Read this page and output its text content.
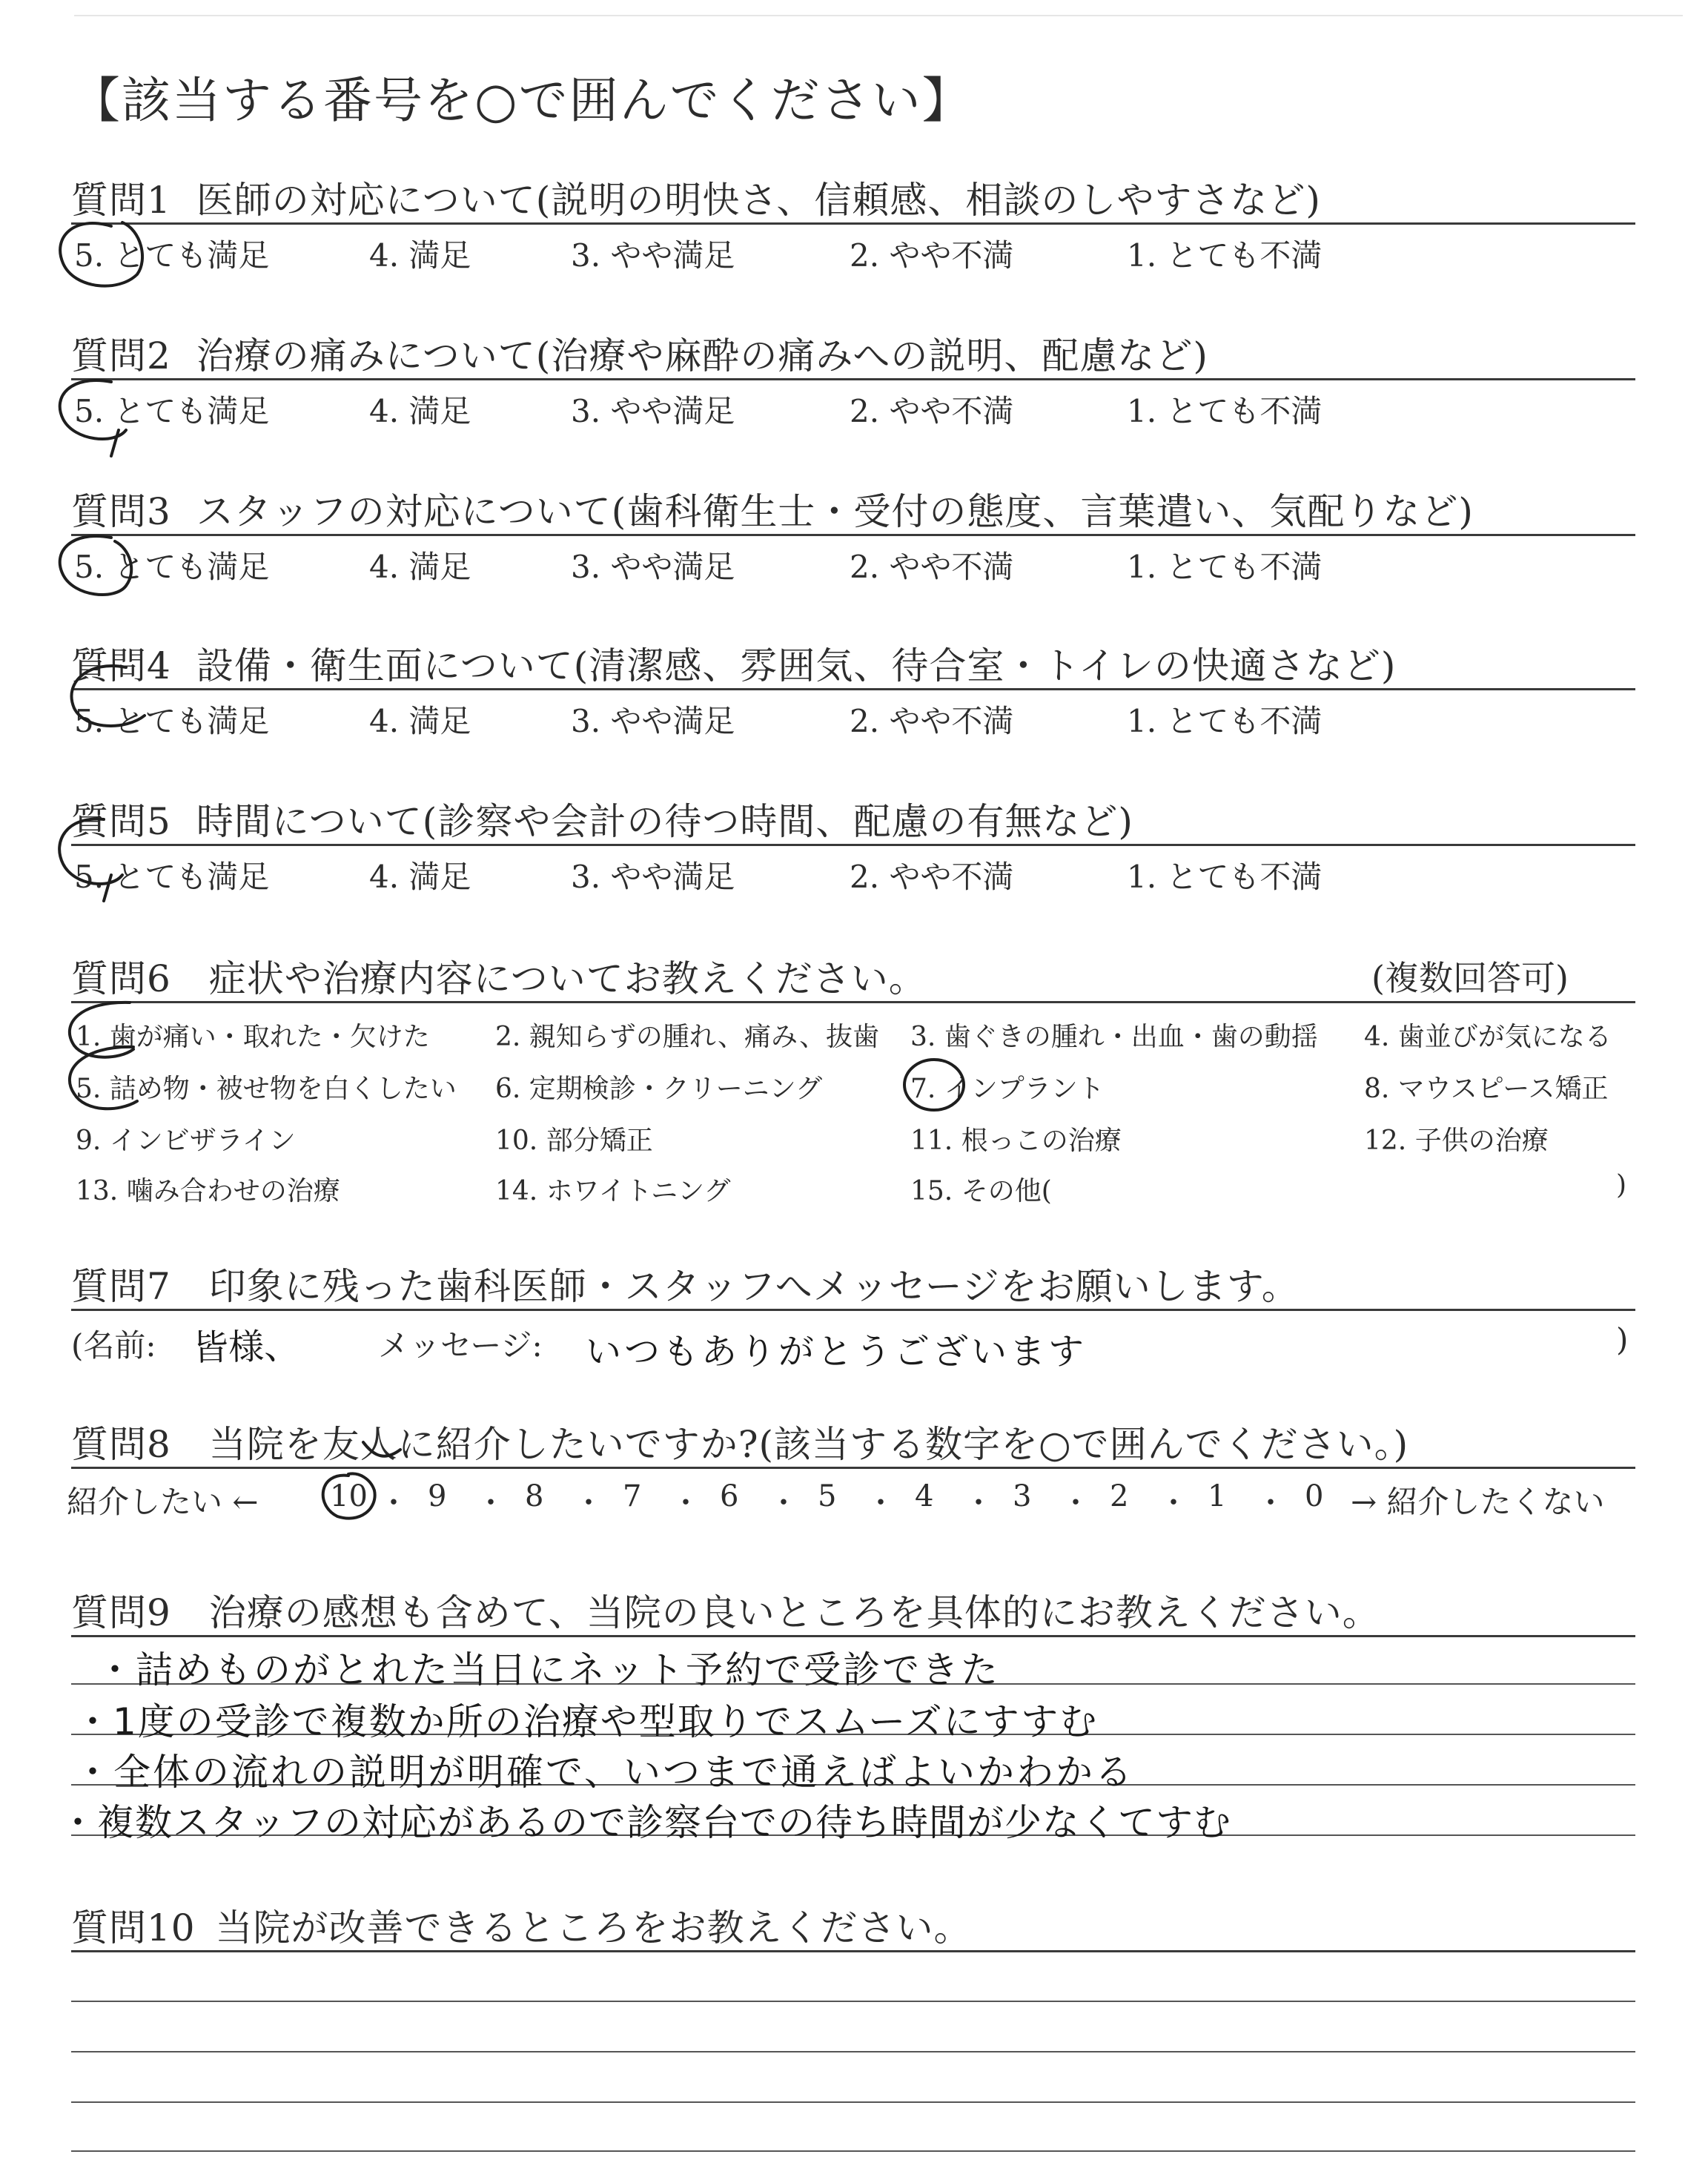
【該当する番号を○で囲んでください】
質問1 医師の対応について(説明の明快さ、信頼感、相談のしやすさなど)
5. とても満足	4. 満足	3. やや満足	2. やや不満	1. とても不満
質問2 治療の痛みについて(治療や麻酔の痛みへの説明、配慮など)
5. とても満足	4. 満足	3. やや満足	2. やや不満	1. とても不満
質問3 スタッフの対応について(歯科衛生士・受付の態度、言葉遣い、気配りなど)
5. とても満足	4. 満足	3. やや満足	2. やや不満	1. とても不満
質問4 設備・衛生面について(清潔感、雰囲気、待合室・トイレの快適さなど)
5. とても満足	4. 満足	3. やや満足	2. やや不満	1. とても不満
質問5 時間について(診察や会計の待つ時間、配慮の有無など)
5. とても満足	4. 満足	3. やや満足	2. やや不満	1. とても不満
質問6 症状や治療内容についてお教えください。	(複数回答可)
1. 歯が痛い・取れた・欠けた 2. 親知らずの腫れ、痛み、抜歯 3. 歯ぐきの腫れ・出血・歯の動揺 4. 歯並びが気になる
5. 詰め物・被せ物を白くしたい 6. 定期検診・クリーニング	7. インプラント	8. マウスピース矯正
9. インビザライン	10. 部分矯正	11. 根っこの治療	12. 子供の治療
13. 噛み合わせの治療	14. ホワイトニング	15. その他(	)
質問7 印象に残った歯科医師・スタッフへメッセージをお願いします。
(名前: 皆様、	メッセージ: いつもありがとうございます	)
質問8 当院を友人に紹介したいですか?(該当する数字を○で囲んでください。)
紹介したい ← 10 ・ 9 ・ 8 ・ 7 ・ 6 ・ 5 ・ 4 ・ 3 ・ 2 ・ 1 ・ 0 → 紹介したくない
質問9 治療の感想も含めて、当院の良いところを具体的にお教えください。
・詰めものがとれた当日にネット予約で受診できた
・1度の受診で複数か所の治療や型取りでスムーズにすすむ
・全体の流れの説明が明確で、いつまで通えばよいかわかる
・複数スタッフの対応があるので診察台での待ち時間が少なくてすむ
質問10 当院が改善できるところをお教えください。
